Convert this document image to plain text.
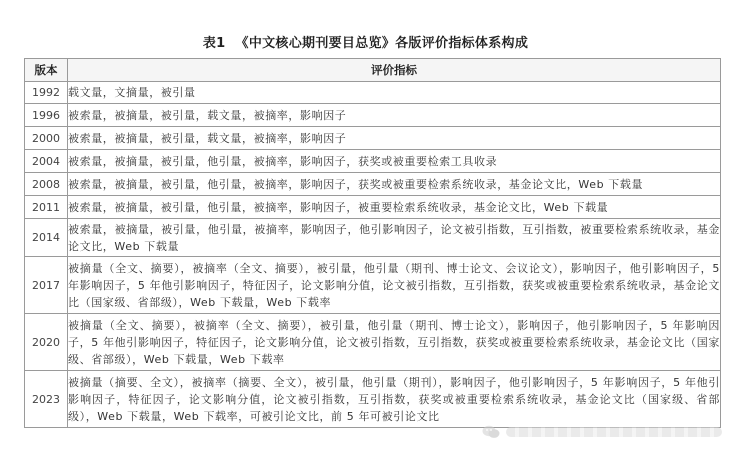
表1 《中文核心期刊要目总览》各版评价指标体系构成
版本	评价指标
1992	载文量，文摘量，被引量
1996	被索量，被摘量，被引量，载文量，被摘率，影响因子
2000	被索量，被摘量，被引量，载文量，被摘率，影响因子
2004	被索量，被摘量，被引量，他引量，被摘率，影响因子，获奖或被重要检索工具收录
2008	被索量，被摘量，被引量，他引量，被摘率，影响因子，获奖或被重要检索系统收录，基金论文比，Web 下载量
2011	被索量，被摘量，被引量，他引量，被摘率，影响因子，被重要检索系统收录，基金论文比，Web 下载量
2014	被索量，被摘量，被引量，他引量，被摘率，影响因子，他引影响因子，论文被引指数，互引指数，被重要检索系统收录，基金论文比，Web 下载量
2017	被摘量（全文、摘要），被摘率（全文、摘要），被引量，他引量（期刊、博士论文、会议论文），影响因子，他引影响因子，5 年影响因子，5 年他引影响因子，特征因子，论文影响分值，论文被引指数，互引指数，获奖或被重要检索系统收录，基金论文比（国家级、省部级），Web 下载量，Web 下载率
2020	被摘量（全文、摘要），被摘率（全文、摘要），被引量，他引量（期刊、博士论文），影响因子，他引影响因子，5 年影响因子，5 年他引影响因子，特征因子，论文影响分值，论文被引指数，互引指数，获奖或被重要检索系统收录，基金论文比（国家级、省部级），Web 下载量，Web 下载率
2023	被摘量（摘要、全文），被摘率（摘要、全文），被引量，他引量（期刊），影响因子，他引影响因子，5 年影响因子，5 年他引影响因子，特征因子，论文影响分值，论文被引指数，互引指数，获奖或被重要检索系统收录，基金论文比（国家级、省部级），Web 下载量，Web 下载率，可被引论文比，前 5 年可被引论文比
